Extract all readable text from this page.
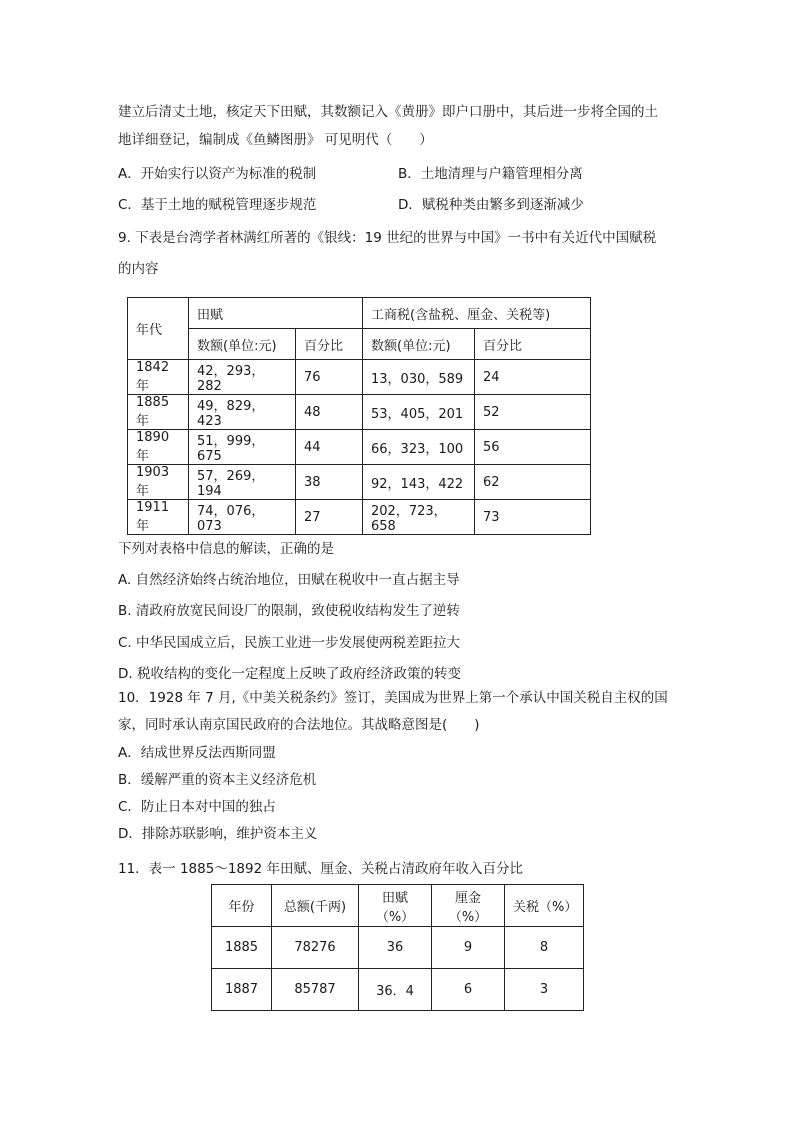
建立后清丈土地，核定天下田赋，其数额记入《黄册》即户口册中，其后进一步将全国的土
地详细登记，编制成《鱼鳞图册》 可见明代（　　）
A．开始实行以资产为标准的税制	B．土地清理与户籍管理相分离
C．基于土地的赋税管理逐步规范	D．赋税种类由繁多到逐渐减少
9. 下表是台湾学者林满红所著的《银线：19 世纪的世界与中国》一书中有关近代中国赋税
的内容
年代	田赋		工商税(含盐税、厘金、关税等)	
	数额(单位:元)	百分比	数额(单位:元)	百分比
1842 年	42，293，282	76	13，030，589	24
1885 年	49，829，423	48	53，405，201	52
1890 年	51，999，675	44	66，323，100	56
1903 年	57，269，194	38	92，143，422	62
1911 年	74，076，073	27	202，723，658	73
下列对表格中信息的解读，正确的是
A. 自然经济始终占统治地位，田赋在税收中一直占据主导
B. 清政府放宽民间设厂的限制，致使税收结构发生了逆转
C. 中华民国成立后，民族工业进一步发展使两税差距拉大
D. 税收结构的变化一定程度上反映了政府经济政策的转变
10．1928 年 7 月,《中美关税条约》签订，美国成为世界上第一个承认中国关税自主权的国
家，同时承认南京国民政府的合法地位。其战略意图是(　　)
A．结成世界反法西斯同盟
B．缓解严重的资本主义经济危机
C．防止日本对中国的独占
D．排除苏联影响，维护资本主义
11．表一 1885～1892 年田赋、厘金、关税占清政府年收入百分比
年份	总额(千两)	田赋（%）	厘金（%）	关税（%）
1885	78276	36	9	8
1887	85787	36．4	6	3
